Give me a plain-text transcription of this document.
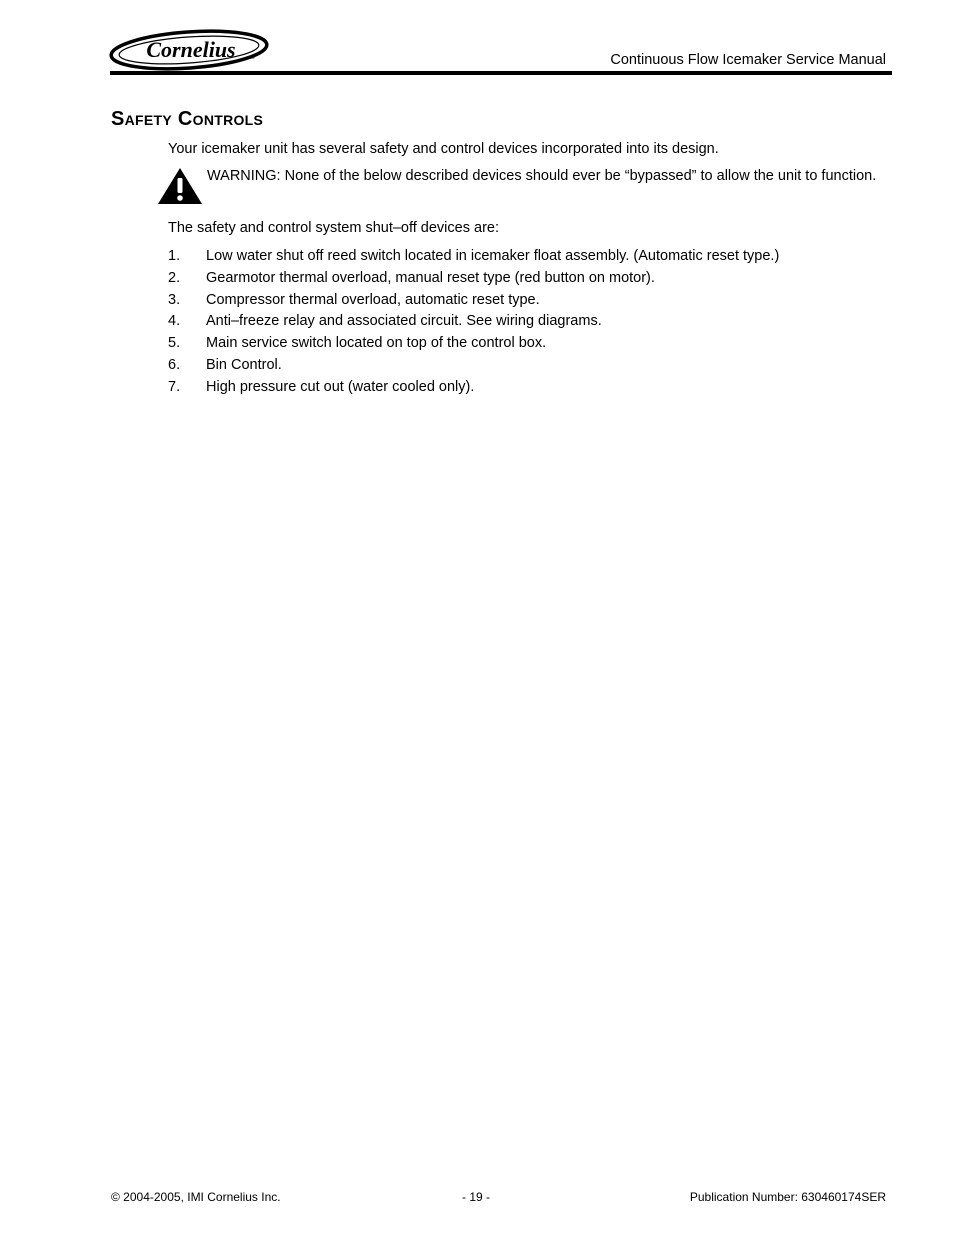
Cornelius	®	Continuous Flow Icemaker Service Manual
Safety Controls
Your icemaker unit has several safety and control devices incorporated into its design.
WARNING: None of the below described devices should ever be “bypassed” to allow the unit to function.
The safety and control system shut–off devices are:
1. Low water shut off reed switch located in icemaker float assembly. (Automatic reset type.)
2. Gearmotor thermal overload, manual reset type (red button on motor).
3. Compressor thermal overload, automatic reset type.
4. Anti–freeze relay and associated circuit. See wiring diagrams.
5. Main service switch located on top of the control box.
6. Bin Control.
7. High pressure cut out (water cooled only).
© 2004-2005, IMI Cornelius Inc.	- 19 -	Publication Number: 630460174SER
